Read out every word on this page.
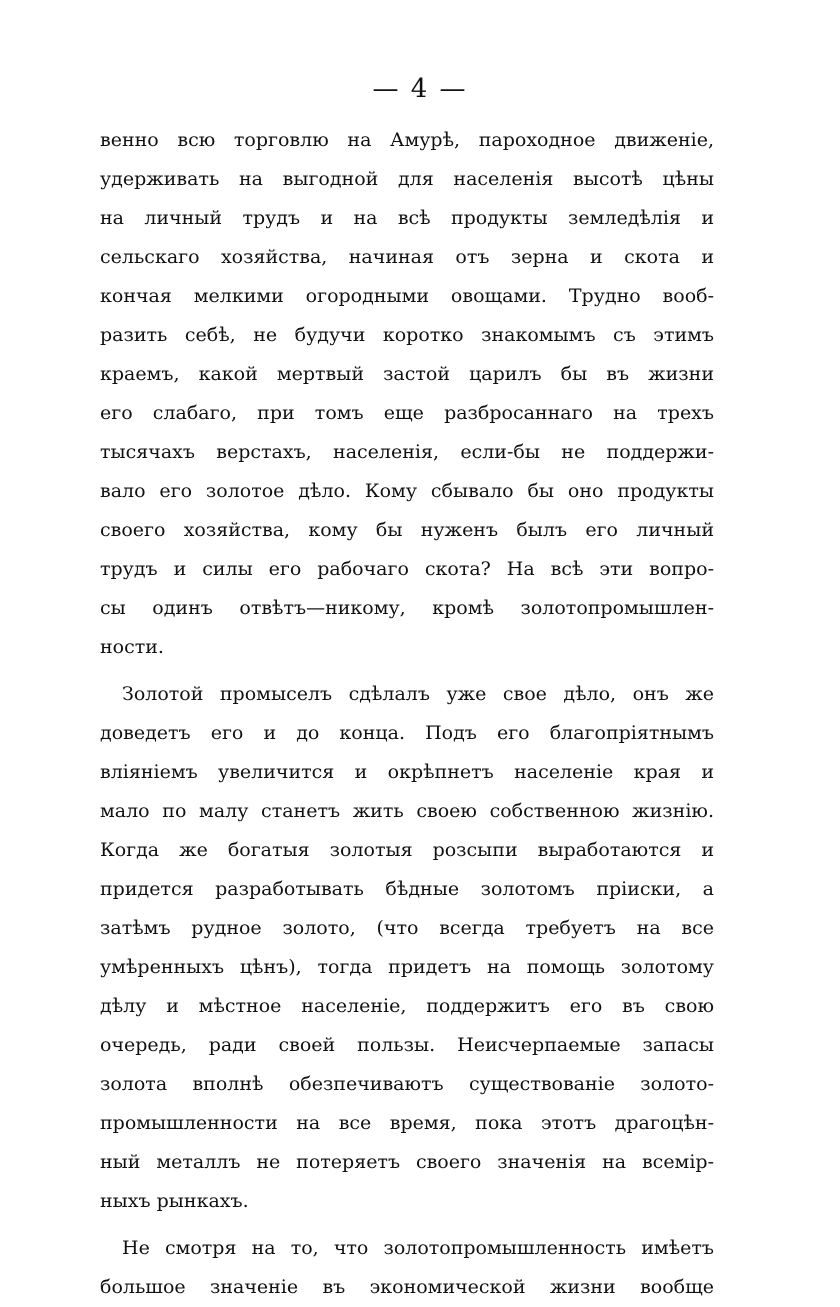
— 4 —
венно всю торговлю на Амурѣ, пароходное движеніе,
удерживать на выгодной для населенія высотѣ цѣны
на личный трудъ и на всѣ продукты земледѣлія и
сельскаго хозяйства, начиная отъ зерна и скота и
кончая мелкими огородными овощами. Трудно вооб-
разить себѣ, не будучи коротко знакомымъ съ этимъ
краемъ, какой мертвый застой царилъ бы въ жизни
его слабаго, при томъ еще разбросаннаго на трехъ
тысячахъ верстахъ, населенія, если-бы не поддержи-
вало его золотое дѣло. Кому сбывало бы оно продукты
своего хозяйства, кому бы нуженъ былъ его личный
трудъ и силы его рабочаго скота? На всѣ эти вопро-
сы одинъ отвѣтъ—никому, кромѣ золотопромышлен-
ности.
Золотой промыселъ сдѣлалъ уже свое дѣло, онъ же
доведетъ его и до конца. Подъ его благопріятнымъ
вліяніемъ увеличится и окрѣпнетъ населеніе края и
мало по малу станетъ жить своею собственною жизнію.
Когда же богатыя золотыя розсыпи выработаются и
придется разработывать бѣдные золотомъ пріиски, а
затѣмъ рудное золото, (что всегда требуетъ на все
умѣренныхъ цѣнъ), тогда придетъ на помощь золотому
дѣлу и мѣстное населеніе, поддержитъ его въ свою
очередь, ради своей пользы. Неисчерпаемые запасы
золота вполнѣ обезпечиваютъ существованіе золото-
промышленности на все время, пока этотъ драгоцѣн-
ный металлъ не потеряетъ своего значенія на всемір-
ныхъ рынкахъ.
Не смотря на то, что золотопромышленность имѣетъ
большое значеніе въ экономической жизни вообще
